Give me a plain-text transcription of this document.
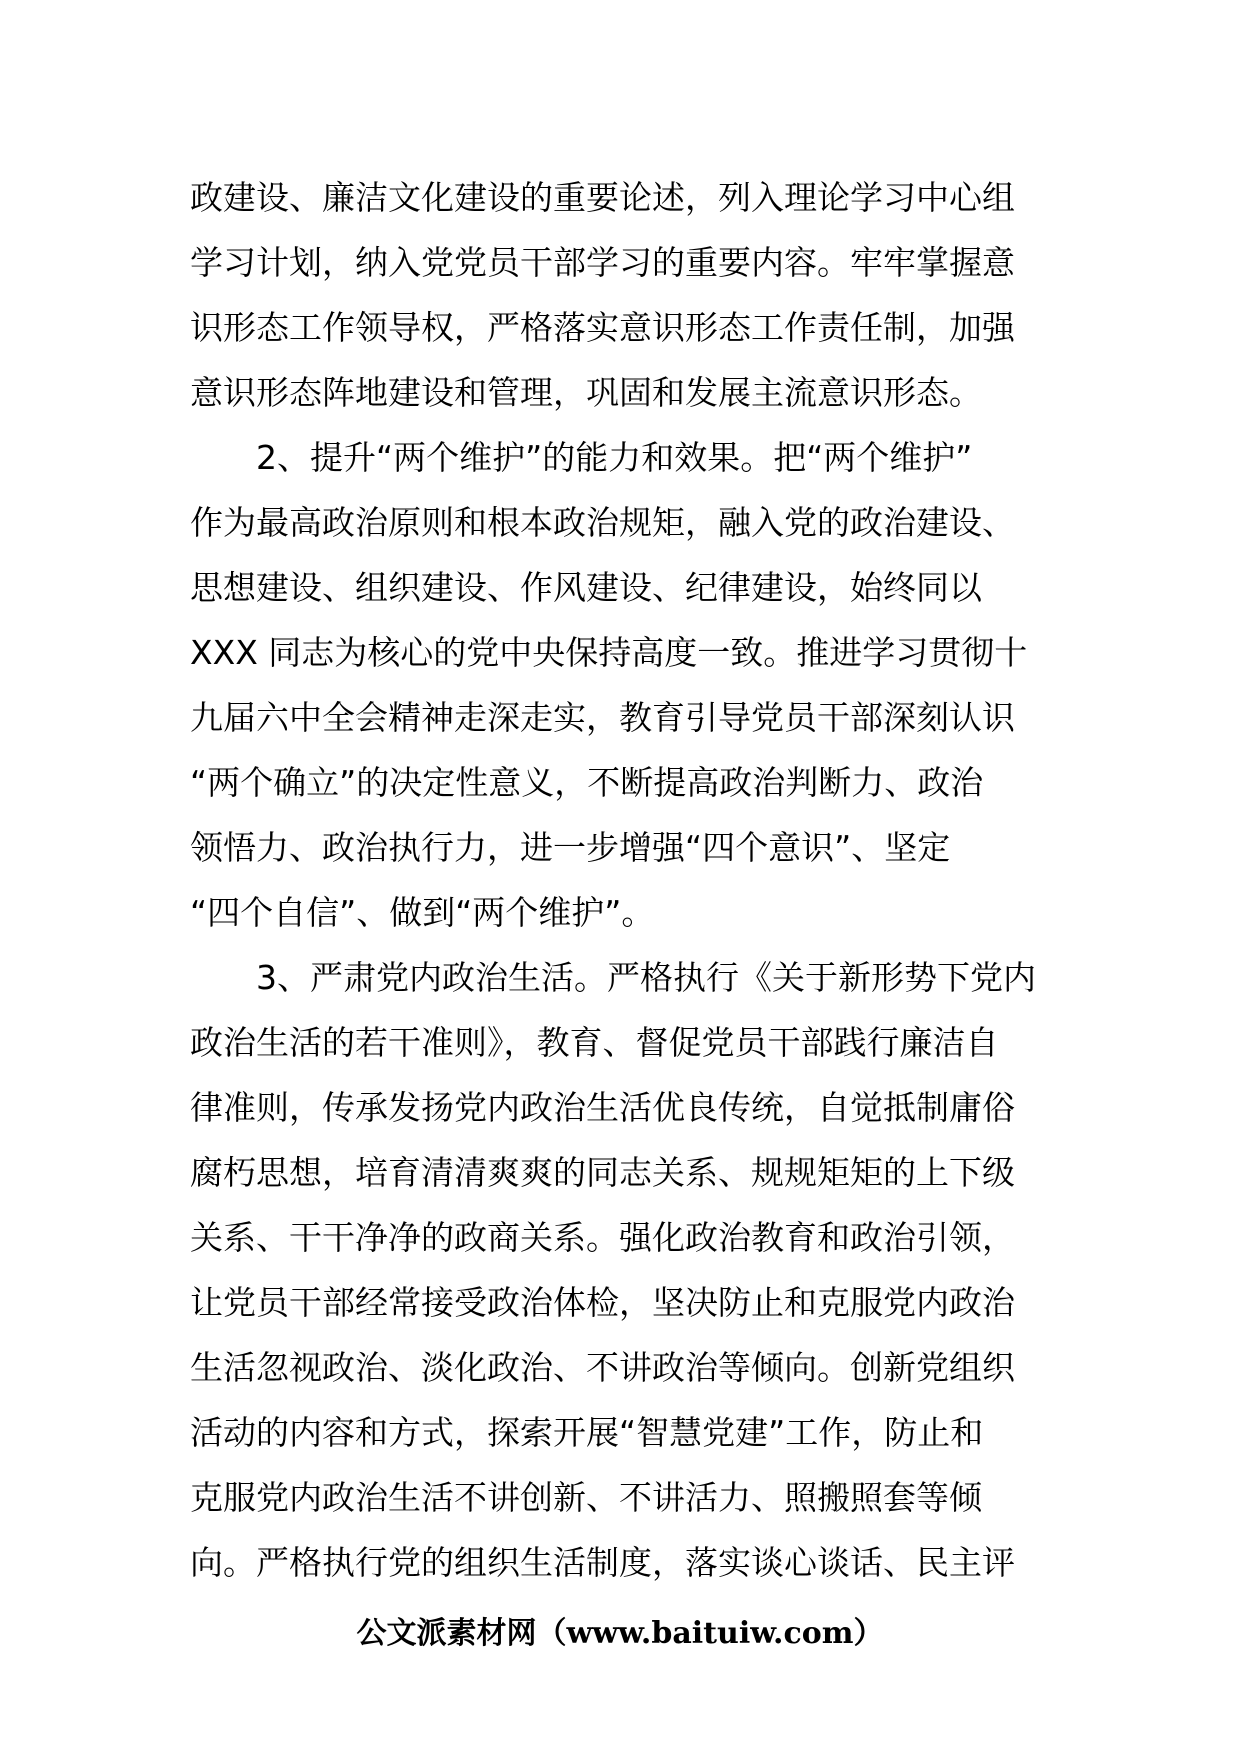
政建设、廉洁文化建设的重要论述，列入理论学习中心组
学习计划，纳入党党员干部学习的重要内容。牢牢掌握意
识形态工作领导权，严格落实意识形态工作责任制，加强
意识形态阵地建设和管理，巩固和发展主流意识形态。
　　2、提升“两个维护”的能力和效果。把“两个维护”
作为最高政治原则和根本政治规矩，融入党的政治建设、
思想建设、组织建设、作风建设、纪律建设，始终同以
XXX 同志为核心的党中央保持高度一致。推进学习贯彻十
九届六中全会精神走深走实，教育引导党员干部深刻认识
“两个确立”的决定性意义，不断提高政治判断力、政治
领悟力、政治执行力，进一步增强“四个意识”、坚定
“四个自信”、做到“两个维护”。
　　3、严肃党内政治生活。严格执行《关于新形势下党内
政治生活的若干准则》，教育、督促党员干部践行廉洁自
律准则，传承发扬党内政治生活优良传统，自觉抵制庸俗
腐朽思想，培育清清爽爽的同志关系、规规矩矩的上下级
关系、干干净净的政商关系。强化政治教育和政治引领，
让党员干部经常接受政治体检，坚决防止和克服党内政治
生活忽视政治、淡化政治、不讲政治等倾向。创新党组织
活动的内容和方式，探索开展“智慧党建”工作，防止和
克服党内政治生活不讲创新、不讲活力、照搬照套等倾
向。严格执行党的组织生活制度，落实谈心谈话、民主评
公文派素材网（www.baituiw.com）
